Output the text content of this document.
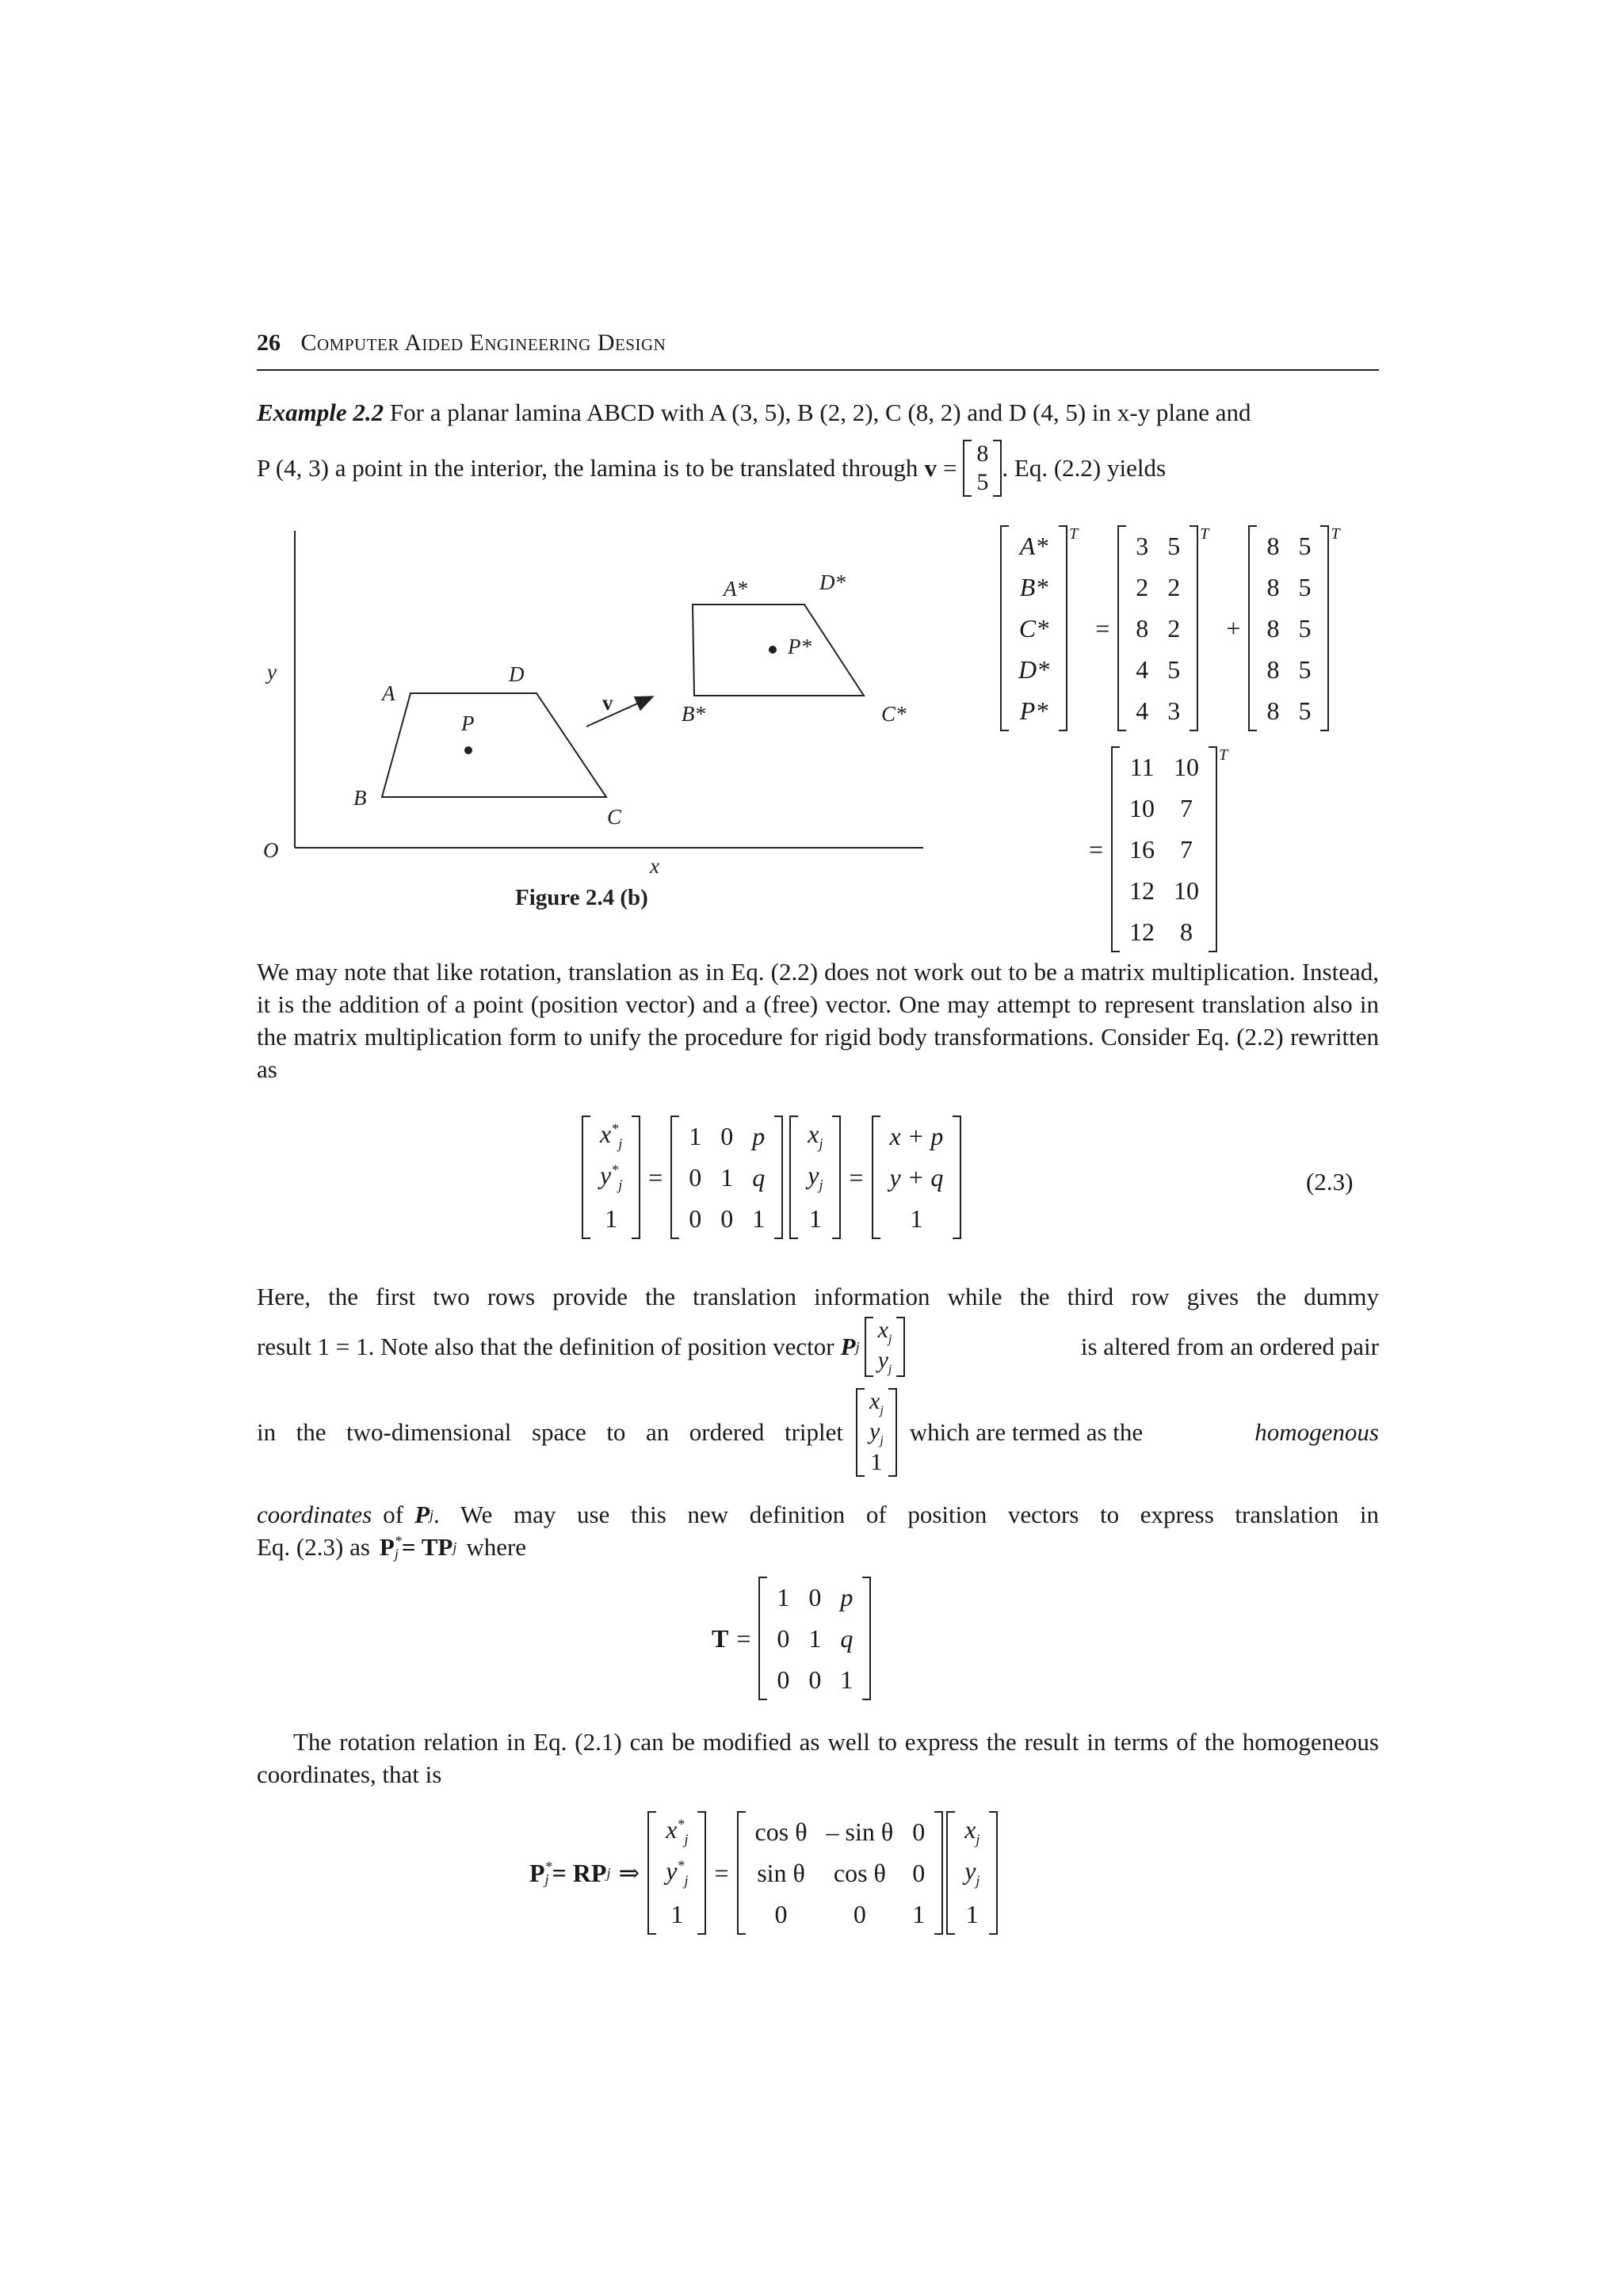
26 Computer Aided Engineering Design
Example 2.2 For a planar lamina ABCD with A (3, 5), B (2, 2), C (8, 2) and D (4, 5) in x-y plane and
P (4, 3) a point in the interior, the lamina is to be translated through v =
8
5
. Eq. (2.2) yields
y
O
x
A
B
C
D
P
A*
B*	C*
D*
P*
v
Figure 2.4 (b)
A*
B*
C*
D*
P*
T
=
3	5
2	2
8	2
4	5
4	3
T
+
8	5
8	5
8	5
8	5
8	5
T
=
11	10
10	7
16	7
12	10
12	8
T
We may note that like rotation, translation as in Eq. (2.2) does not work out to be a matrix multiplication. Instead, it is the addition of a point (position vector) and a (free) vector. One may attempt to represent translation also in the matrix multiplication form to unify the procedure for rigid body transformations. Consider Eq. (2.2) rewritten as
$x^*_j$
$y^*_j$
1
=
1	0	p
0	1	q
0	0	1
$x_j$
$y_j$
1
=
x + p
y + q
1
(2.3)
Here, the first two rows provide the translation information while the third row gives the dummy
result 1 = 1. Note also that the definition of position vector P j
$x_j$
$y_j$
is altered from an ordered pair
in the two-dimensional space to an ordered triplet
$x_j$
$y_j$
1
which are termed as the	homogenous
coordinates of P j . We may use this new definition of position vectors to express translation in
Eq. (2.3) as P *
j = TP j where
T =
1	0	p
0	1	q
0	0	1
The rotation relation in Eq. (2.1) can be modified as well to express the result in terms of the homogeneous coordinates, that is
P *
j = RP j ⇒
$x^*_j$
$y^*_j$
1
=
cos θ	– sin θ	0
sin θ	cos θ	0
0	0	1
$x_j$
$y_j$
1
